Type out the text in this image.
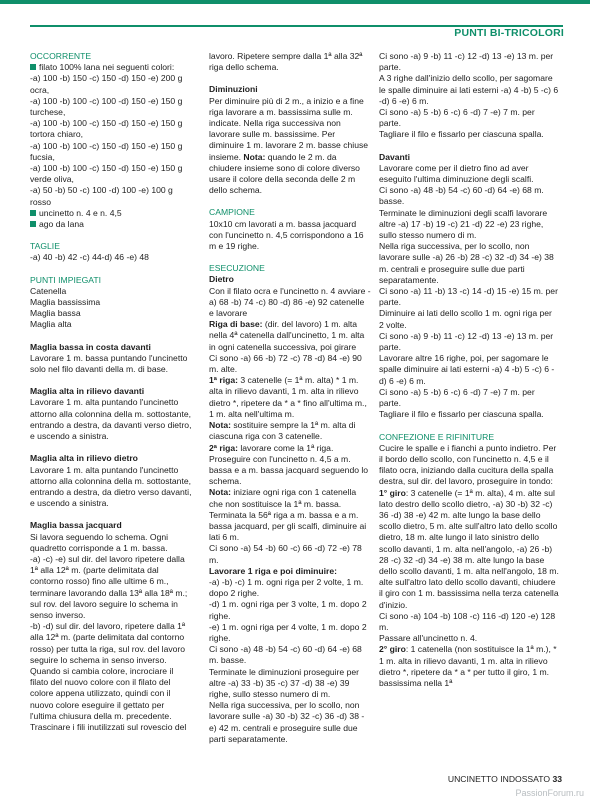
PUNTI BI-TRICOLORI

OCCORRENTE

filato 100% lana nei seguenti colori:

-a) 100 -b) 150 -c) 150 -d) 150 -e) 200 g ocra,

-a) 100 -b) 100 -c) 100 -d) 150 -e) 150 g turchese,

-a) 100 -b) 100 -c) 150 -d) 150 -e) 150 g tortora chiaro,

-a) 100 -b) 100 -c) 150 -d) 150 -e) 150 g fucsia,

-a) 100 -b) 100 -c) 150 -d) 150 -e) 150 g verde oliva,

-a) 50 -b) 50 -c) 100 -d) 100 -e) 100 g rosso

uncinetto n. 4 e n. 4,5

ago da lana

TAGLIE

-a) 40 -b) 42 -c) 44-d) 46 -e) 48

PUNTI IMPIEGATI

Catenella

Maglia bassissima

Maglia bassa

Maglia alta

Maglia bassa in costa davanti

Lavorare 1 m. bassa puntando l'uncinetto solo nel filo davanti della m. di base.

Maglia alta in rilievo davanti

Lavorare 1 m. alta puntando l'uncinetto attorno alla colonnina della m. sottostante, entrando a destra, da davanti verso dietro, e uscendo a sinistra.

Maglia alta in rilievo dietro

Lavorare 1 m. alta puntando l'uncinetto attorno alla colonnina della m. sottostante, entrando a destra, da dietro verso davanti, e uscendo a sinistra.

Maglia bassa jacquard

Si lavora seguendo lo schema. Ogni quadretto corrisponde a 1 m. bassa.

-a) -c) -e) sul dir. del lavoro ripetere dalla 1ª alla 12ª m. (parte delimitata dal contorno rosso) fino alle ultime 6 m., terminare lavorando dalla 13ª alla 18ª m.; sul rov. del lavoro seguire lo schema in senso inverso.

-b) -d) sul dir. del lavoro, ripetere dalla 1ª alla 12ª m. (parte delimitata dal contorno rosso) per tutta la riga, sul rov. del lavoro seguire lo schema in senso inverso.

Quando si cambia colore, incrociare il filato del nuovo colore con il filato del colore appena utilizzato, quindi con il nuovo colore eseguire il gettato per l'ultima chiusura della m. precedente. Trascinare i fili inutilizzati sul rovescio del

lavoro. Ripetere sempre dalla 1ª alla 32ª riga dello schema.

Diminuzioni

Per diminuire più di 2 m., a inizio e a fine riga lavorare a m. bassissima sulle m. indicate. Nella riga successiva non lavorare sulle m. bassissime. Per diminuire 1 m. lavorare 2 m. basse chiuse insieme. Nota: quando le 2 m. da chiudere insieme sono di colore diverso usare il colore della seconda delle 2 m dello schema.

CAMPIONE

10x10 cm lavorati a m. bassa jacquard con l'uncinetto n. 4,5 corrispondono a 16 m e 19 righe.

ESECUZIONE

Dietro

Con il filato ocra e l'uncinetto n. 4 avviare -a) 68 -b) 74 -c) 80 -d) 86 -e) 92 catenelle e lavorare

Riga di base: (dir. del lavoro) 1 m. alta nella 4ª catenella dall'uncinetto, 1 m. alta in ogni catenella successiva, poi girare

Ci sono -a) 66 -b) 72 -c) 78 -d) 84 -e) 90 m. alte.

1ª riga: 3 catenelle (= 1ª m. alta) * 1 m. alta in rilievo davanti, 1 m. alta in rilievo dietro *, ripetere da * a * fino all'ultima m., 1 m. alta nell'ultima m.

Nota: sostituire sempre la 1ª m. alta di ciascuna riga con 3 catenelle.

2ª riga: lavorare come la 1ª riga.

Proseguire con l'uncinetto n. 4,5 a m. bassa e a m. bassa jacquard seguendo lo schema.

Nota: iniziare ogni riga con 1 catenella che non sostituisce la 1ª m. bassa.

Terminata la 56ª riga a m. bassa e a m. bassa jacquard, per gli scalfi, diminuire ai lati 6 m.

Ci sono -a) 54 -b) 60 -c) 66 -d) 72 -e) 78 m.

Lavorare 1 riga e poi diminuire:

-a) -b) -c) 1 m. ogni riga per 2 volte, 1 m. dopo 2 righe.

-d) 1 m. ogni riga per 3 volte, 1 m. dopo 2 righe.

-e) 1 m. ogni riga per 4 volte, 1 m. dopo 2 righe.

Ci sono -a) 48 -b) 54 -c) 60 -d) 64 -e) 68 m. basse.

Terminate le diminuzioni proseguire per altre -a) 33 -b) 35 -c) 37 -d) 38 -e) 39 righe, sullo stesso numero di m.

Nella riga successiva, per lo scollo, non lavorare sulle -a) 30 -b) 32 -c) 36 -d) 38 -e) 42 m. centrali e proseguire sulle due parti separatamente.

Ci sono -a) 9 -b) 11 -c) 12 -d) 13 -e) 13 m. per parte.

A 3 righe dall'inizio dello scollo, per sagomare le spalle diminuire ai lati esterni -a) 4 -b) 5 -c) 6 -d) 6 -e) 6 m.

Ci sono -a) 5 -b) 6 -c) 6 -d) 7 -e) 7 m. per parte.

Tagliare il filo e fissarlo per ciascuna spalla.

Davanti

Lavorare come per il dietro fino ad aver eseguito l'ultima diminuzione degli scalfi.

Ci sono -a) 48 -b) 54 -c) 60 -d) 64 -e) 68 m. basse.

Terminate le diminuzioni degli scalfi lavorare altre -a) 17 -b) 19 -c) 21 -d) 22 -e) 23 righe, sullo stesso numero di m.

Nella riga successiva, per lo scollo, non lavorare sulle -a) 26 -b) 28 -c) 32 -d) 34 -e) 38 m. centrali e proseguire sulle due parti separatamente.

Ci sono -a) 11 -b) 13 -c) 14 -d) 15 -e) 15 m. per parte.

Diminuire ai lati dello scollo 1 m. ogni riga per 2 volte.

Ci sono -a) 9 -b) 11 -c) 12 -d) 13 -e) 13 m. per parte.

Lavorare altre 16 righe, poi, per sagomare le spalle diminuire ai lati esterni -a) 4 -b) 5 -c) 6 -d) 6 -e) 6 m.

Ci sono -a) 5 -b) 6 -c) 6 -d) 7 -e) 7 m. per parte.

Tagliare il filo e fissarlo per ciascuna spalla.

CONFEZIONE E RIFINITURE

Cucire le spalle e i fianchi a punto indietro. Per il bordo dello scollo, con l'uncinetto n. 4,5 e il filato ocra, iniziando dalla cucitura della spalla destra, sul dir. del lavoro, proseguire in tondo:

1° giro: 3 catenelle (= 1ª m. alta), 4 m. alte sul lato destro dello scollo dietro, -a) 30 -b) 32 -c) 36 -d) 38 -e) 42 m. alte lungo la base dello scollo dietro, 5 m. alte sull'altro lato dello scollo dietro, 18 m. alte lungo il lato sinistro dello scollo davanti, 1 m. alta nell'angolo, -a) 26 -b) 28 -c) 32 -d) 34 -e) 38 m. alte lungo la base dello scollo davanti, 1 m. alta nell'angolo, 18 m. alte sull'altro lato dello scollo davanti, chiudere il giro con 1 m. bassissima nella terza catenella d'inizio.

Ci sono -a) 104 -b) 108 -c) 116 -d) 120 -e) 128 m.

Passare all'uncinetto n. 4.

2° giro: 1 catenella (non sostituisce la 1ª m.), * 1 m. alta in rilievo davanti, 1 m. alta in rilievo dietro *, ripetere da * a * per tutto il giro, 1 m. bassissima nella 1ª

UNCINETTO INDOSSATO 33
PassionForum.ru
